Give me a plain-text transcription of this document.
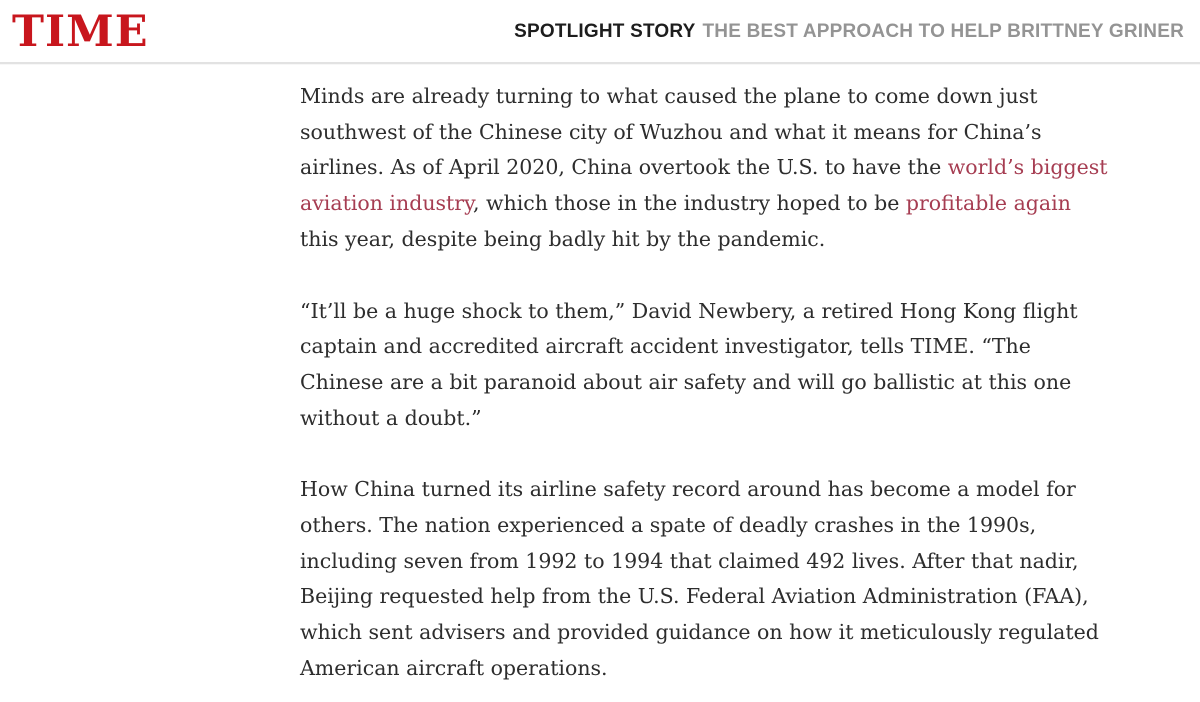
TIME	SPOTLIGHT STORY THE BEST APPROACH TO HELP BRITTNEY GRINER

Minds are already turning to what caused the plane to come down just southwest of the Chinese city of Wuzhou and what it means for China’s airlines. As of April 2020, China overtook the U.S. to have the world’s biggest aviation industry, which those in the industry hoped to be profitable again this year, despite being badly hit by the pandemic.

“It’ll be a huge shock to them,” David Newbery, a retired Hong Kong flight captain and accredited aircraft accident investigator, tells TIME. “The Chinese are a bit paranoid about air safety and will go ballistic at this one without a doubt.”

How China turned its airline safety record around has become a model for others. The nation experienced a spate of deadly crashes in the 1990s, including seven from 1992 to 1994 that claimed 492 lives. After that nadir, Beijing requested help from the U.S. Federal Aviation Administration (FAA), which sent advisers and provided guidance on how it meticulously regulated American aircraft operations.
